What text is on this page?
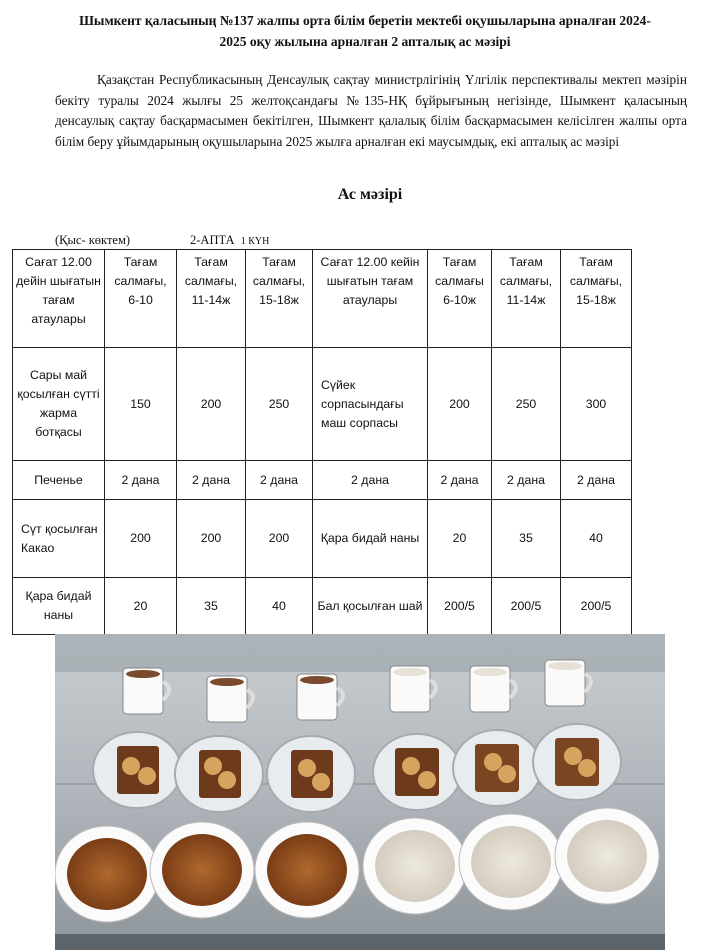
Шымкент қаласының №137 жалпы орта білім беретін мектебі оқушыларына арналған 2024-
2025 оқу жылына арналған 2 апталық ас мәзірі
Қазақстан Республикасының Денсаулық сақтау министрлігінің Үлгілік перспективалы мектеп мәзірін бекіту туралы 2024 жылғы 25 желтоқсандағы №135-НҚ бұйрығының негізінде, Шымкент қаласының денсаулық сақтау басқармасымен бекітілген, Шымкент қалалық білім басқармасымен келісілген жалпы орта білім беру ұйымдарының оқушыларына 2025 жылға арналған екі маусымдық, екі апталық ас мәзірі
Ас мәзірі
(Қыс- көктем)	2-АПТА 1 КҮН
Сағат 12.00 дейін шығатын тағам атаулары	Тағам салмағы, 6-10	Тағам салмағы, 11-14ж	Тағам салмағы, 15-18ж	Сағат 12.00 кейін шығатын тағам атаулары	Тағам салмағы 6-10ж	Тағам салмағы, 11-14ж	Тағам салмағы, 15-18ж
Сары май қосылған сүтті жарма ботқасы	150	200	250	Сүйек сорпасындағы маш сорпасы	200	250	300
Печенье	2 дана	2 дана	2 дана	2 дана	2 дана	2 дана	2 дана
Сүт қосылған Какао	200	200	200	Қара бидай наны	20	35	40
Қара бидай наны	20	35	40	Бал қосылған шай	200/5	200/5	200/5
